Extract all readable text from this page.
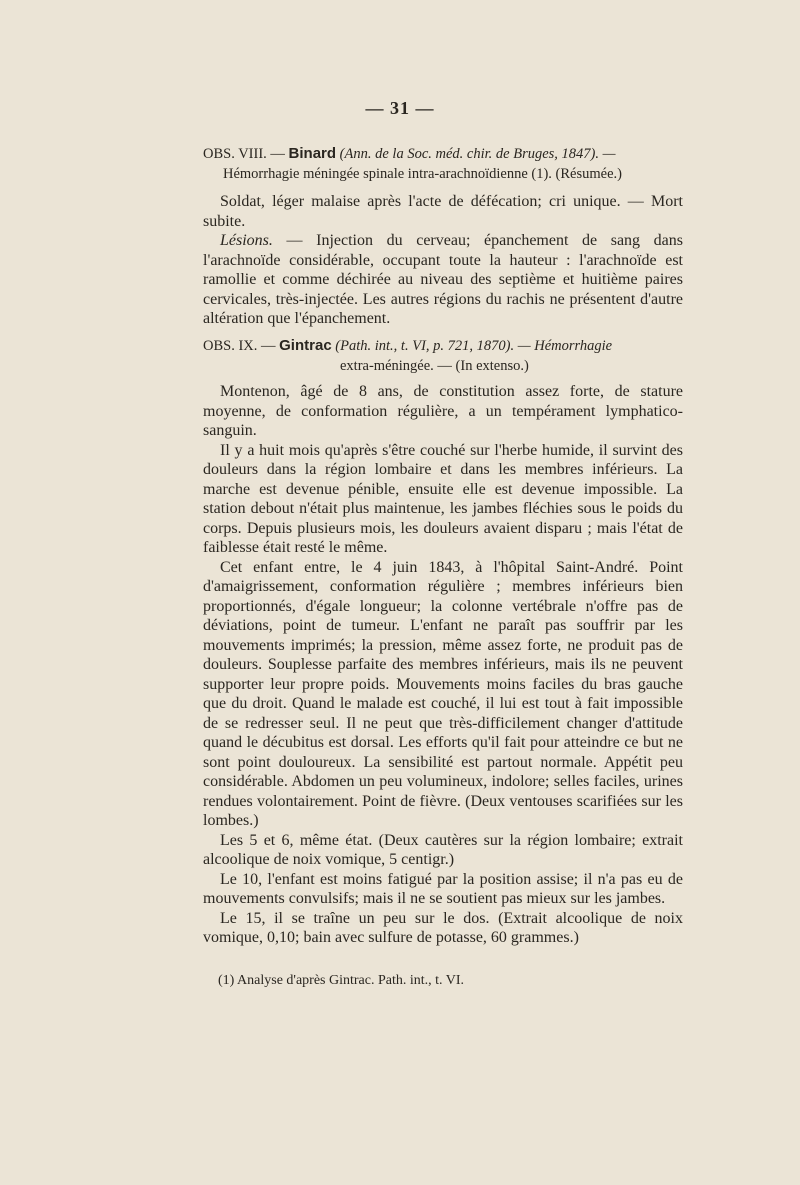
— 31 —
OBS. VIII. — Binard (Ann. de la Soc. méd. chir. de Bruges, 1847). —
Hémorrhagie méningée spinale intra-arachnoïdienne (1). (Résumée.)

Soldat, léger malaise après l'acte de défécation; cri unique. — Mort subite.

Lésions. — Injection du cerveau; épanchement de sang dans l'arachnoïde considérable, occupant toute la hauteur : l'arachnoïde est ramollie et comme déchirée au niveau des septième et huitième paires cervicales, très-injectée. Les autres régions du rachis ne présentent d'autre altération que l'épanchement.

OBS. IX. — Gintrac (Path. int., t. VI, p. 721, 1870). — Hémorrhagie
extra-méningée. — (In extenso.)

Montenon, âgé de 8 ans, de constitution assez forte, de stature moyenne, de conformation régulière, a un tempérament lymphatico-sanguin.

Il y a huit mois qu'après s'être couché sur l'herbe humide, il survint des douleurs dans la région lombaire et dans les membres inférieurs. La marche est devenue pénible, ensuite elle est devenue impossible. La station debout n'était plus maintenue, les jambes fléchies sous le poids du corps. Depuis plusieurs mois, les douleurs avaient disparu ; mais l'état de faiblesse était resté le même.

Cet enfant entre, le 4 juin 1843, à l'hôpital Saint-André. Point d'amaigrissement, conformation régulière ; membres inférieurs bien proportionnés, d'égale longueur; la colonne vertébrale n'offre pas de déviations, point de tumeur. L'enfant ne paraît pas souffrir par les mouvements imprimés; la pression, même assez forte, ne produit pas de douleurs. Souplesse parfaite des membres inférieurs, mais ils ne peuvent supporter leur propre poids. Mouvements moins faciles du bras gauche que du droit. Quand le malade est couché, il lui est tout à fait impossible de se redresser seul. Il ne peut que très-difficilement changer d'attitude quand le décubitus est dorsal. Les efforts qu'il fait pour atteindre ce but ne sont point douloureux. La sensibilité est partout normale. Appétit peu considérable. Abdomen un peu volumineux, indolore; selles faciles, urines rendues volontairement. Point de fièvre. (Deux ventouses scarifiées sur les lombes.)

Les 5 et 6, même état. (Deux cautères sur la région lombaire; extrait alcoolique de noix vomique, 5 centigr.)

Le 10, l'enfant est moins fatigué par la position assise; il n'a pas eu de mouvements convulsifs; mais il ne se soutient pas mieux sur les jambes.

Le 15, il se traîne un peu sur le dos. (Extrait alcoolique de noix vomique, 0,10; bain avec sulfure de potasse, 60 grammes.)

(1) Analyse d'après Gintrac. Path. int., t. VI.
